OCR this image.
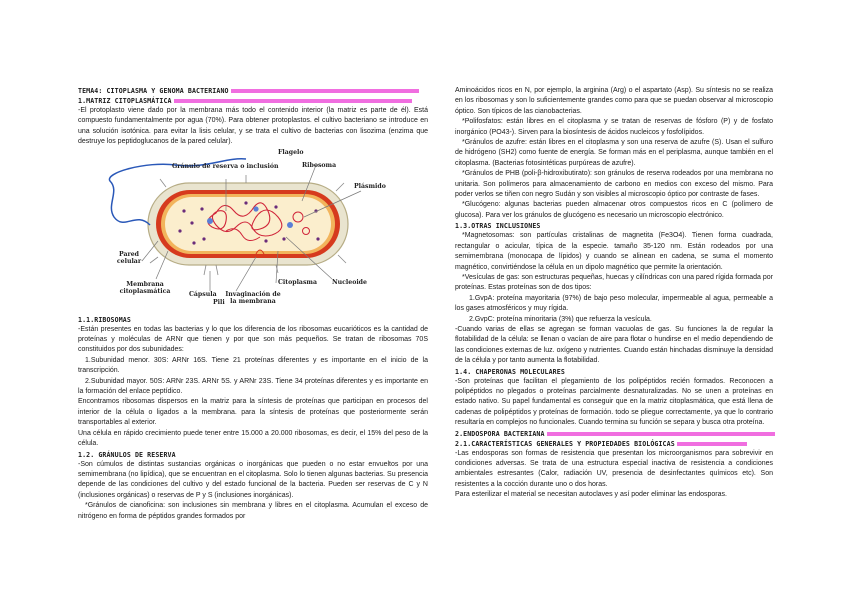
TEMA4: CITOPLASMA Y GENOMA BACTERIANO
1.MATRIZ CITOPLASMÁTICA

-El protoplasto viene dado por la membrana más todo el contenido interior (la matriz es parte de él). Está compuesto fundamentalmente por agua (70%). Para obtener protoplastos. el cultivo bacteriano se introduce en una solución isotónica. para evitar la lisis celular, y se trata el cultivo de bacterias con lisozima (enzima que destruye los peptidoglucanos de la pared celular).

Flagelo
Gránulo de reserva o inclusión	Ribosoma
Plásmido
Pared celular
Membrana citoplasmática	Cápsula
Pili
Invaginación de la membrana
Citoplasma Nucleoide
1.1.RIBOSOMAS

-Están presentes en todas las bacterias y lo que los diferencia de los ribosomas eucarióticos es la cantidad de proteínas y moléculas de ARNr que tienen y por que son más pequeños. Se tratan de ribosomas 70S constituidos por dos subunidades:

1.Subunidad menor. 30S: ARNr 16S. Tiene 21 proteínas diferentes y es importante en el inicio de la transcripción.

2.Subunidad mayor. 50S: ARNr 23S. ARNr 5S. y ARNr 23S. Tiene 34 proteínas diferentes y es importante en la formación del enlace peptídico.

Encontramos ribosomas dispersos en la matriz para la síntesis de proteínas que participan en procesos del interior de la célula o ligados a la membrana. para la síntesis de proteínas que posteriormente serán transportables al exterior.

Una célula en rápido crecimiento puede tener entre 15.000 a 20.000 ribosomas, es decir, el 15% del peso de la célula.

1.2. GRÁNULOS DE RESERVA

-Son cúmulos de distintas sustancias orgánicas o inorgánicas que pueden o no estar envueltos por una semimembrana (no lipídica), que se encuentran en el citoplasma. Solo lo tienen algunas bacterias. Su presencia depende de las condiciones del cultivo y del estado funcional de la bacteria. Pueden ser reservas de C y N (inclusiones orgánicas) o reservas de P y S (inclusiones inorgánicas).

*Gránulos de cianoficina: son inclusiones sin membrana y libres en el citoplasma. Acumulan el exceso de nitrógeno en forma de péptidos grandes formados por

Aminoácidos ricos en N, por ejemplo, la arginina (Arg) o el aspartato (Asp). Su síntesis no se realiza en los ribosomas y son lo suficientemente grandes como para que se puedan observar al microscopio óptico. Son típicos de las cianobacterias.

*Polifosfatos: están libres en el citoplasma y se tratan de reservas de fósforo (P) y de fosfato inorgánico (PO43-). Sirven para la biosíntesis de ácidos nucleicos y fosfolípidos.

*Gránulos de azufre: están libres en el citoplasma y son una reserva de azufre (S). Usan el sulfuro de hidrógeno (SH2) como fuente de energía. Se forman más en el periplasma, aunque también en el citoplasma. (Bacterias fotosintéticas purpúreas de azufre).

*Gránulos de PHB (poli-β-hidroxibutirato): son gránulos de reserva rodeados por una membrana no unitaria. Son polímeros para almacenamiento de carbono en medios con exceso del mismo. Para poder verlos se tiñen con negro Sudán y son visibles al microscopio óptico por contraste de fases.

*Glucógeno: algunas bacterias pueden almacenar otros compuestos ricos en C (polímero de glucosa). Para ver los gránulos de glucógeno es necesario un microscopio electrónico.

1.3.OTRAS INCLUSIONES

*Magnetosomas: son partículas cristalinas de magnetita (Fe3O4). Tienen forma cuadrada, rectangular o acicular, típica de la especie. tamaño 35-120 nm. Están rodeados por una semimembrana (monocapa de lípidos) y cuando se alinean en cadena, se suma el momento magnético, convirtiéndose la célula en un dipolo magnético que permite la orientación.

*Vesículas de gas: son estructuras pequeñas, huecas y cilíndricas con una pared rígida formada por proteínas. Estas proteínas son de dos tipos:

1.GvpA: proteína mayoritaria (97%) de bajo peso molecular, impermeable al agua, permeable a los gases atmosféricos y muy rígida.

2.GvpC: proteína minoritaria (3%) que refuerza la vesícula.

-Cuando varias de ellas se agregan se forman vacuolas de gas. Su funciones la de regular la flotabilidad de la célula: se llenan o vacían de aire para flotar o hundirse en el medio dependiendo de las condiciones externas de luz. oxígeno y nutrientes. Cuando están hinchadas disminuye la densidad de la célula y por tanto aumenta la flotabilidad.

1.4. CHAPERONAS MOLECULARES

-Son proteínas que facilitan el plegamiento de los polipéptidos recién formados. Reconocen a polipéptidos no plegados o proteínas parcialmente desnaturalizadas. No se unen a proteínas en estado nativo. Su papel fundamental es conseguir que en la matriz citoplasmática, que está llena de cadenas de polipéptidos y proteínas de formación. todo se pliegue correctamente, ya que lo contrario resultaría en complejos no funcionales. Cuando termina su función se separa y busca otra proteína.

2.ENDOSPORA BACTERIANA
2.1.CARACTERÍSTICAS GENERALES Y PROPIEDADES BIOLÓGICAS

-Las endosporas son formas de resistencia que presentan los microorganismos para sobrevivir en condiciones adversas. Se trata de una estructura especial inactiva de resistencia a condiciones ambientales estresantes (Calor, radiación UV, presencia de desinfectantes químicos etc). Son resistentes a la cocción durante uno o dos horas.

Para esterilizar el material se necesitan autoclaves y así poder eliminar las endosporas.
